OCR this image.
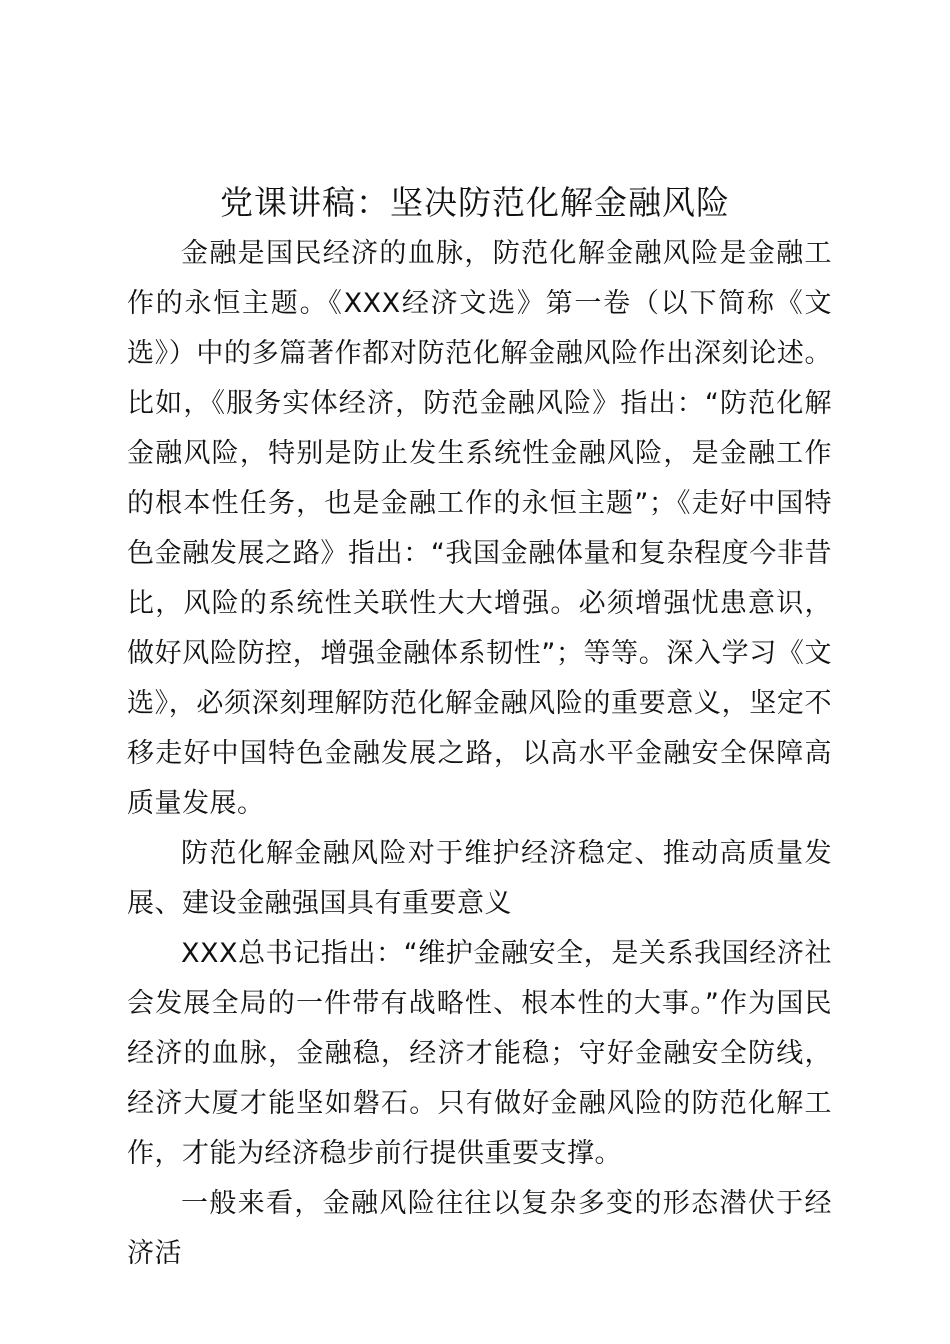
党课讲稿：坚决防范化解金融风险

金融是国民经济的血脉，防范化解金融风险是金融工作的永恒主题。《XXX经济文选》第一卷（以下简称《文选》）中的多篇著作都对防范化解金融风险作出深刻论述。比如，《服务实体经济，防范金融风险》指出：“防范化解金融风险，特别是防止发生系统性金融风险，是金融工作的根本性任务，也是金融工作的永恒主题”；《走好中国特色金融发展之路》指出：“我国金融体量和复杂程度今非昔比，风险的系统性关联性大大增强。必须增强忧患意识，做好风险防控，增强金融体系韧性”；等等。深入学习《文选》，必须深刻理解防范化解金融风险的重要意义，坚定不移走好中国特色金融发展之路，以高水平金融安全保障高质量发展。

防范化解金融风险对于维护经济稳定、推动高质量发展、建设金融强国具有重要意义

XXX总书记指出：“维护金融安全，是关系我国经济社会发展全局的一件带有战略性、根本性的大事。”作为国民经济的血脉，金融稳，经济才能稳；守好金融安全防线，经济大厦才能坚如磐石。只有做好金融风险的防范化解工作，才能为经济稳步前行提供重要支撑。

一般来看，金融风险往往以复杂多变的形态潜伏于经济活
